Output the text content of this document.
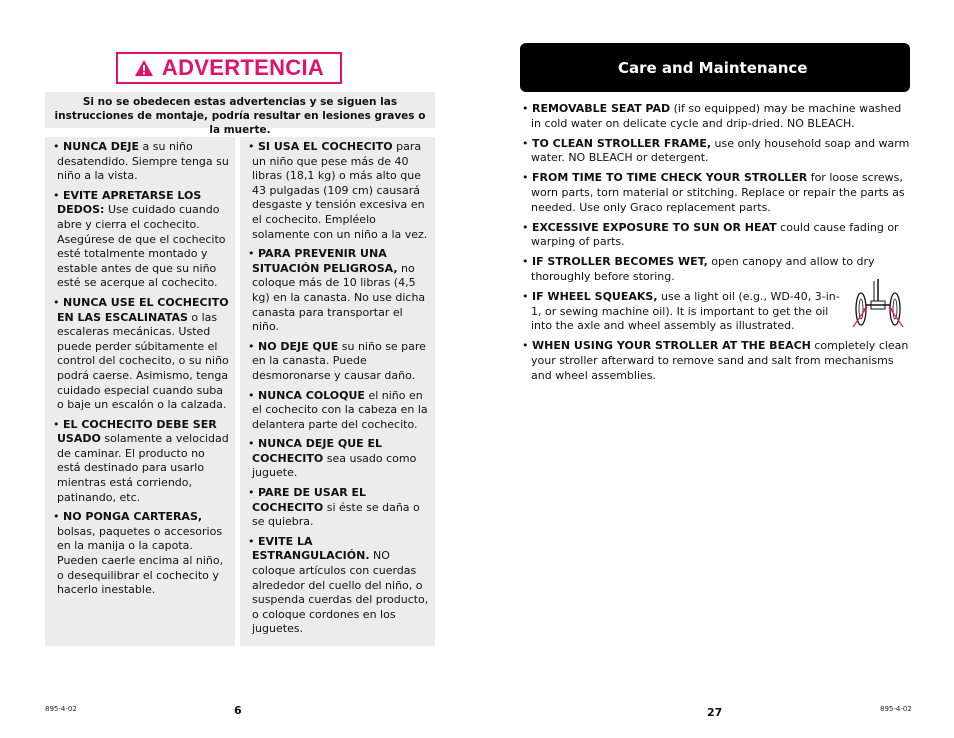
ADVERTENCIA
Si no se obedecen estas advertencias y se siguen las instrucciones de montaje, podría resultar en lesiones graves o la muerte.
• NUNCA DEJE a su niño desatendido. Siempre tenga su niño a la vista.
• EVITE APRETARSE LOS DEDOS: Use cuidado cuando abre y cierra el cochecito. Asegúrese de que el cochecito esté totalmente montado y estable antes de que su niño esté se acerque al cochecito.
• NUNCA USE EL COCHECITO EN LAS ESCALINATAS o las escaleras mecánicas. Usted puede perder súbitamente el control del cochecito, o su niño podrá caerse. Asimismo, tenga cuidado especial cuando suba o baje un escalón o la calzada.
• EL COCHECITO DEBE SER USADO solamente a velocidad de caminar. El producto no está destinado para usarlo mientras está corriendo, patinando, etc.
• NO PONGA CARTERAS, bolsas, paquetes o accesorios en la manija o la capota. Pueden caerle encima al niño, o desequilibrar el cochecito y hacerlo inestable.
• SI USA EL COCHECITO para un niño que pese más de 40 libras (18,1 kg) o más alto que 43 pulgadas (109 cm) causará desgaste y tensión excesiva en el cochecito. Empléelo solamente con un niño a la vez.
• PARA PREVENIR UNA SITUACIÓN PELIGROSA, no coloque más de 10 libras (4,5 kg) en la canasta. No use dicha canasta para transportar el niño.
• NO DEJE QUE su niño se pare en la canasta. Puede desmoronarse y causar daño.
• NUNCA COLOQUE el niño en el cochecito con la cabeza en la delantera parte del cochecito.
• NUNCA DEJE QUE EL COCHECITO sea usado como juguete.
• PARE DE USAR EL COCHECITO si éste se daña o se quiebra.
• EVITE LA ESTRANGULACIÓN. NO coloque artículos con cuerdas alrededor del cuello del niño, o suspenda cuerdas del producto, o coloque cordones en los juguetes.
895-4-02	6
Care and Maintenance
• REMOVABLE SEAT PAD (if so equipped) may be machine washed in cold water on delicate cycle and drip-dried. NO BLEACH.
• TO CLEAN STROLLER FRAME, use only household soap and warm water. NO BLEACH or detergent.
• FROM TIME TO TIME CHECK YOUR STROLLER for loose screws, worn parts, torn material or stitching. Replace or repair the parts as needed. Use only Graco replacement parts.
• EXCESSIVE EXPOSURE TO SUN OR HEAT could cause fading or warping of parts.
• IF STROLLER BECOMES WET, open canopy and allow to dry thoroughly before storing.
• IF WHEEL SQUEAKS, use a light oil (e.g., WD-40, 3-in-1, or sewing machine oil). It is important to get the oil into the axle and wheel assembly as illustrated.
• WHEN USING YOUR STROLLER AT THE BEACH completely clean your stroller afterward to remove sand and salt from mechanisms and wheel assemblies.
27	895-4-02
